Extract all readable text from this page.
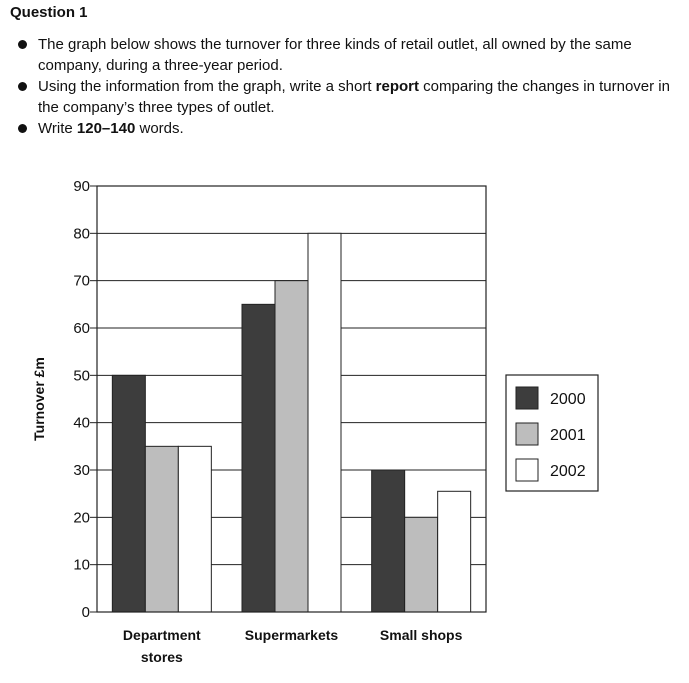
Question 1
The graph below shows the turnover for three kinds of retail outlet, all owned by the same company, during a three-year period.
Using the information from the graph, write a short report comparing the changes in turnover in the company’s three types of outlet.
Write 120–140 words.
0
10
20
30
40
50
60
70
80
90
Department
stores
Supermarkets	Small shops
Turnover £m	2000
2001
2002
